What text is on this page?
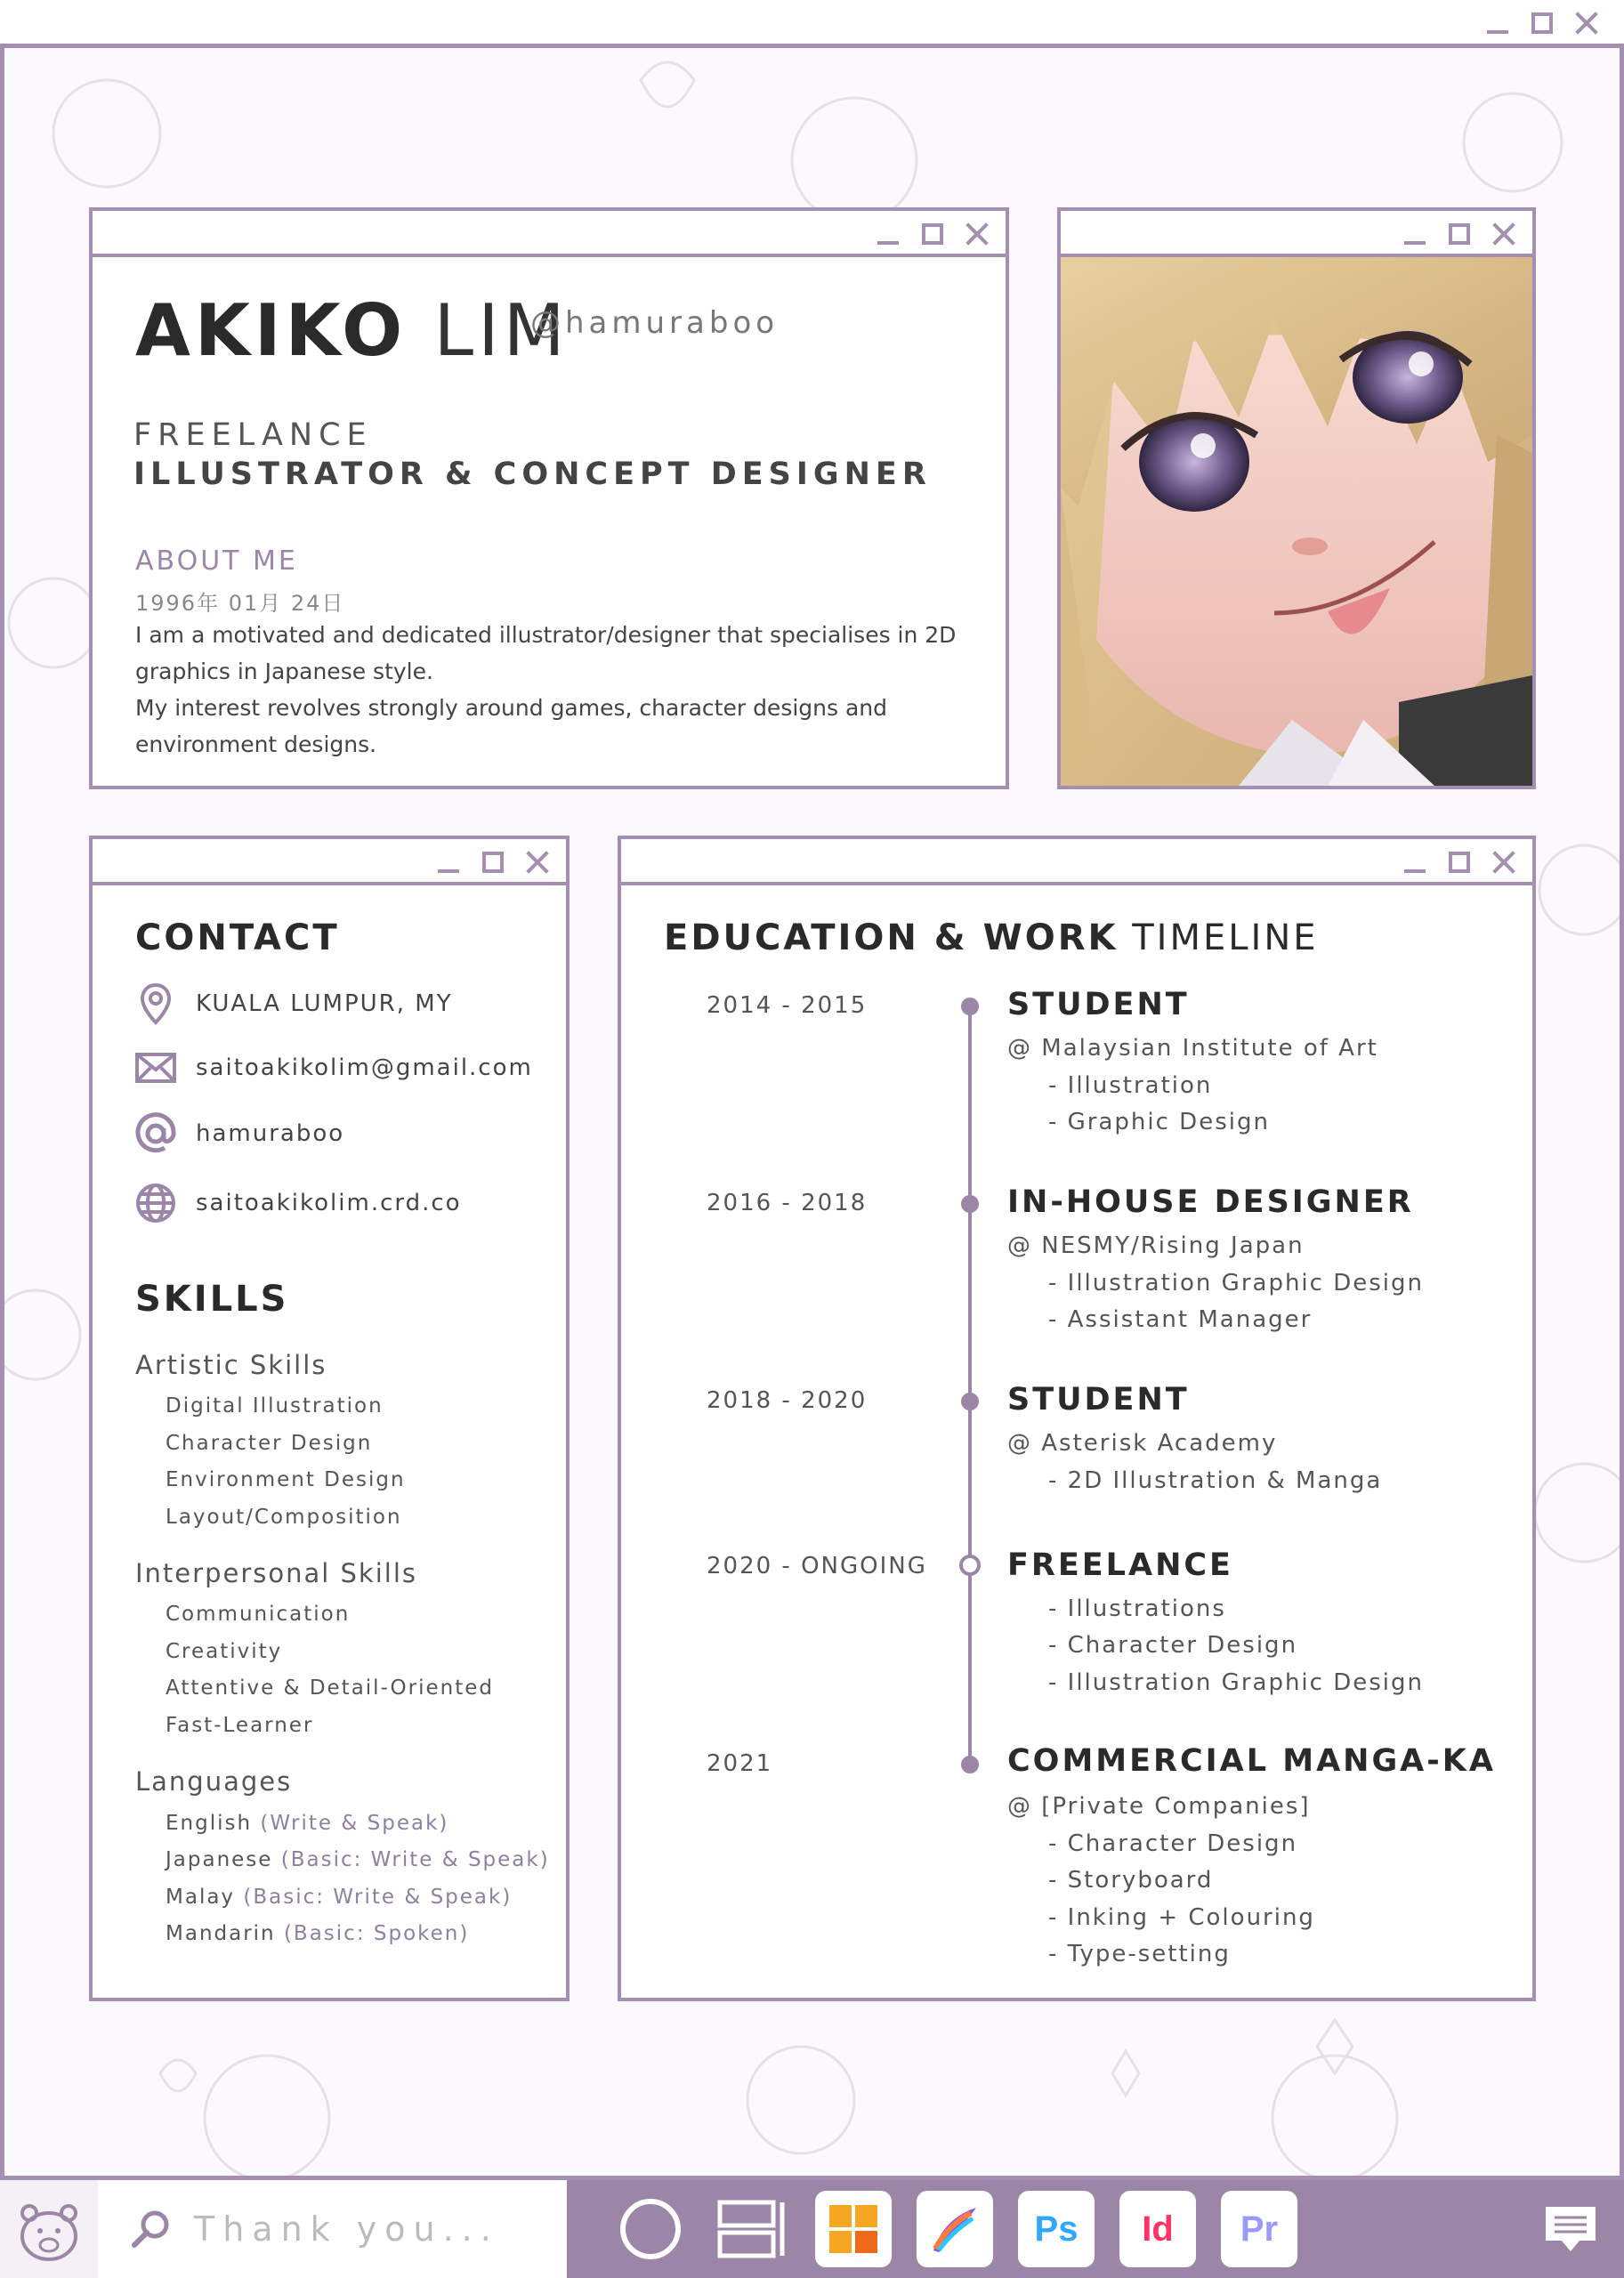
AKIKO LIM
@hamuraboo
FREELANCE
ILLUSTRATOR & CONCEPT DESIGNER
ABOUT ME
1996年 01月 24日
I am a motivated and dedicated illustrator/designer that specialises in 2D graphics in Japanese style.
My interest revolves strongly around games, character designs and environment designs.
CONTACT
KUALA LUMPUR, MY
saitoakikolim@gmail.com
hamuraboo
saitoakikolim.crd.co
SKILLS
Artistic Skills
Digital Illustration
Character Design
Environment Design
Layout/Composition
Interpersonal Skills
Communication
Creativity
Attentive & Detail-Oriented
Fast-Learner
Languages
English (Write & Speak)
Japanese (Basic: Write & Speak)
Malay (Basic: Write & Speak)
Mandarin (Basic: Spoken)
EDUCATION & WORK TIMELINE
2014 - 2015	STUDENT
@ Malaysian Institute of Art
- Illustration
- Graphic Design
2016 - 2018	IN-HOUSE DESIGNER
@ NESMY/Rising Japan
- Illustration Graphic Design
- Assistant Manager
2018 - 2020	STUDENT
@ Asterisk Academy
- 2D Illustration & Manga
2020 - ONGOING	FREELANCE
- Illustrations
- Character Design
- Illustration Graphic Design
2021	COMMERCIAL MANGA-KA
@ [Private Companies]
- Character Design
- Storyboard
- Inking + Colouring
- Type-setting
Thank you...	Ps Id Pr
